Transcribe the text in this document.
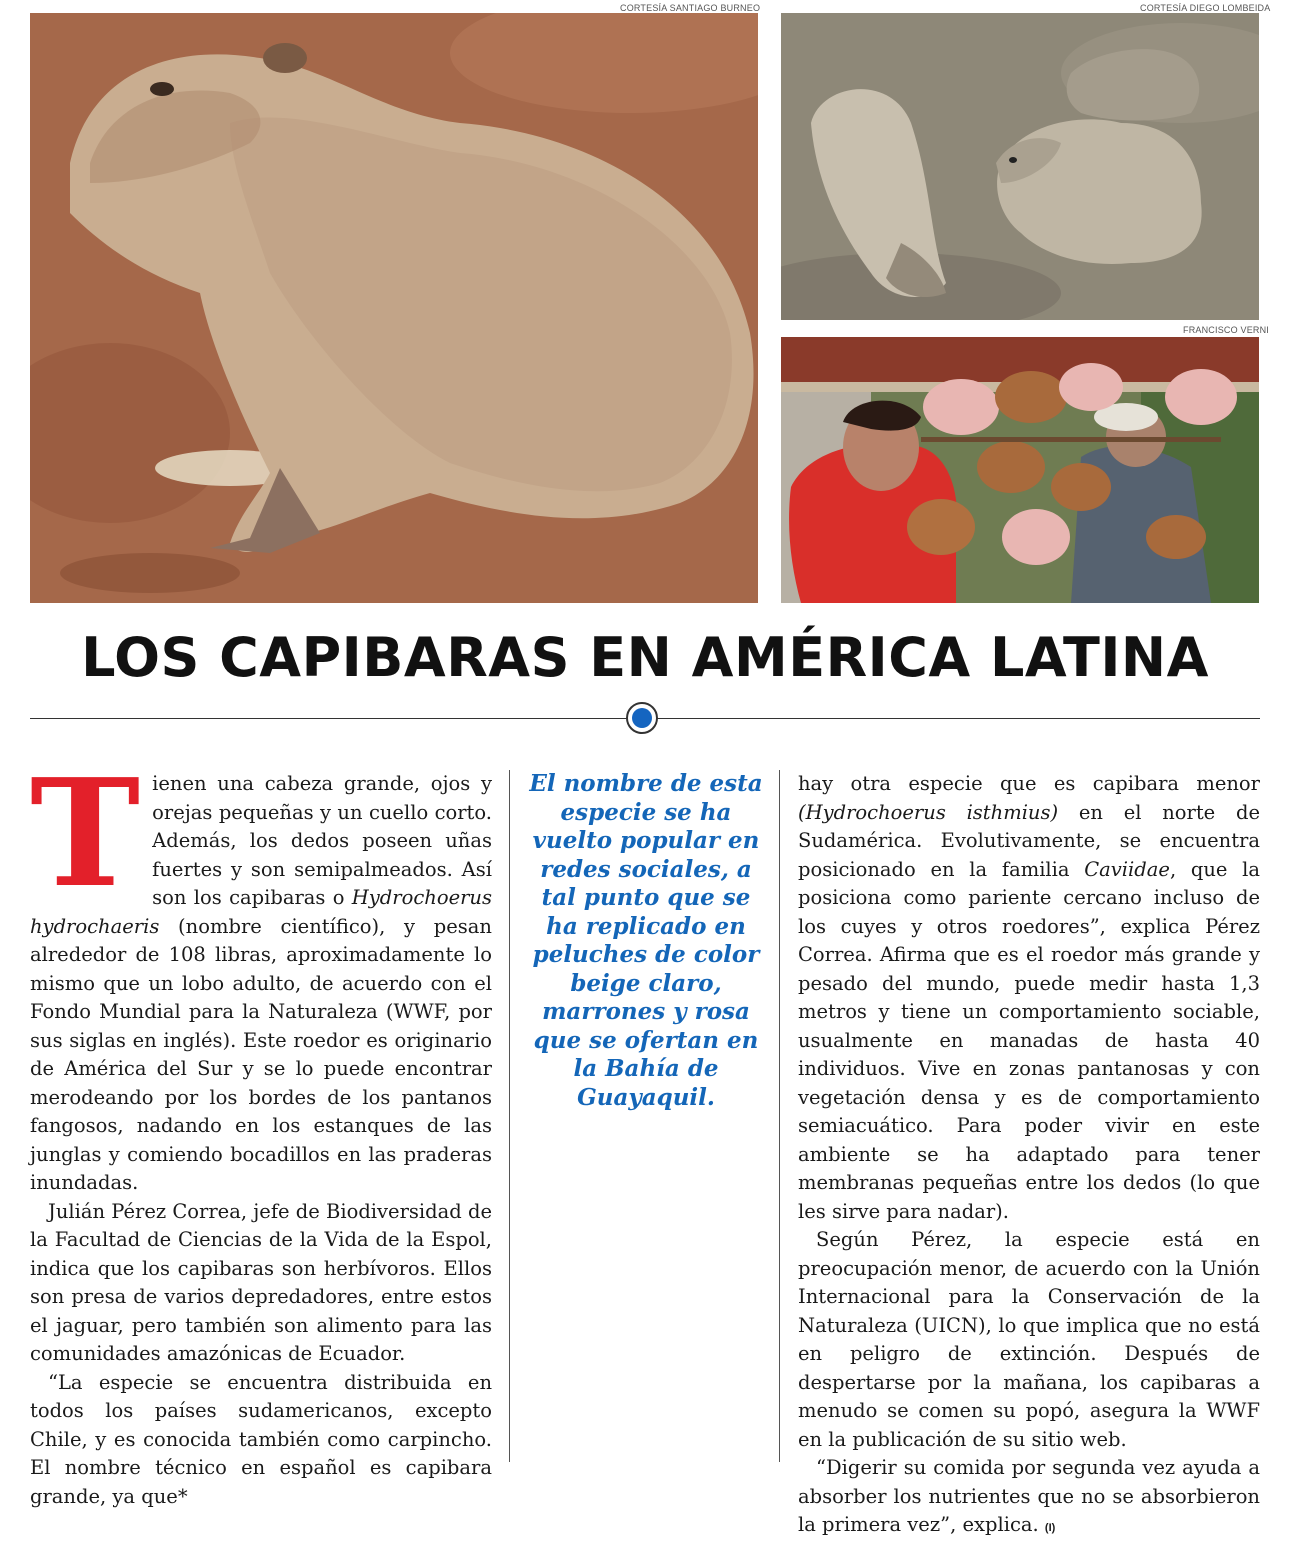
CORTESÍA SANTIAGO BURNEO	CORTESÍA DIEGO LOMBEIDA
FRANCISCO VERNI
LOS CAPIBARAS EN AMÉRICA LATINA

Tienen una cabeza grande, ojos y orejas pequeñas y un cuello corto. Además, los dedos poseen uñas fuertes y son semipalmeados. Así son los capibaras o Hydrochoerus hydrochaeris (nombre científico), y pesan alrededor de 108 libras, aproximadamente lo mismo que un lobo adulto, de acuerdo con el Fondo Mundial para la Naturaleza (WWF, por sus siglas en inglés). Este roedor es originario de América del Sur y se lo puede encontrar merodeando por los bordes de los pantanos fangosos, nadando en los estanques de las junglas y comiendo bocadillos en las praderas inundadas.

Julián Pérez Correa, jefe de Biodiversidad de la Facultad de Ciencias de la Vida de la Espol, indica que los capibaras son herbívoros. Ellos son presa de varios depredadores, entre estos el jaguar, pero también son alimento para las comunidades amazónicas de Ecuador.

“La especie se encuentra distribuida en todos los países sudamericanos, excepto Chile, y es conocida también como carpincho. El nombre técnico en español es capibara grande, ya que*

El nombre de esta especie se ha vuelto popular en redes sociales, a tal punto que se ha replicado en peluches de color beige claro, marrones y rosa que se ofertan en la Bahía de Guayaquil.

hay otra especie que es capibara menor (Hydrochoerus isthmius) en el norte de Sudamérica. Evolutivamente, se encuentra posicionado en la familia Caviidae, que la posiciona como pariente cercano incluso de los cuyes y otros roedores”, explica Pérez Correa. Afirma que es el roedor más grande y pesado del mundo, puede medir hasta 1,3 metros y tiene un comportamiento sociable, usualmente en manadas de hasta 40 individuos. Vive en zonas pantanosas y con vegetación densa y es de comportamiento semiacuático. Para poder vivir en este ambiente se ha adaptado para tener membranas pequeñas entre los dedos (lo que les sirve para nadar).

Según Pérez, la especie está en preocupación menor, de acuerdo con la Unión Internacional para la Conservación de la Naturaleza (UICN), lo que implica que no está en peligro de extinción. Después de despertarse por la mañana, los capibaras a menudo se comen su popó, asegura la WWF en la publicación de su sitio web.

“Digerir su comida por segunda vez ayuda a absorber los nutrientes que no se absorbieron la primera vez”, explica. (I)
